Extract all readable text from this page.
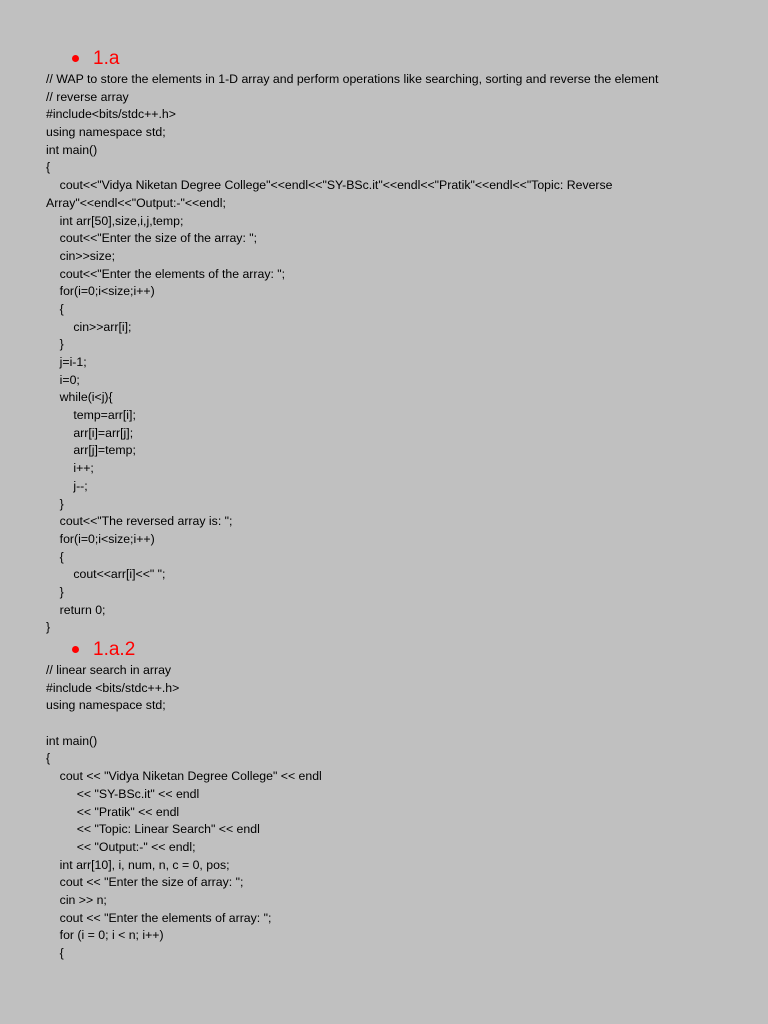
1.a
// WAP to store the elements in 1-D array and perform operations like searching, sorting and reverse the element
// reverse array
#include<bits/stdc++.h>
using namespace std;
int main()
{
cout<<"Vidya Niketan Degree College"<<endl<<"SY-BSc.it"<<endl<<"Pratik"<<endl<<"Topic: Reverse
Array"<<endl<<"Output:-"<<endl;
int arr[50],size,i,j,temp;
cout<<"Enter the size of the array: ";
cin>>size;
cout<<"Enter the elements of the array: ";
for(i=0;i<size;i++)
{
cin>>arr[i];
}
j=i-1;
i=0;
while(i<j){
temp=arr[i];
arr[i]=arr[j];
arr[j]=temp;
i++;
j--;
}
cout<<"The reversed array is: ";
for(i=0;i<size;i++)
{
cout<<arr[i]<<" ";
}
return 0;
}
1.a.2
// linear search in array
#include <bits/stdc++.h>
using namespace std;
int main()
{
cout << "Vidya Niketan Degree College" << endl
<< "SY-BSc.it" << endl
<< "Pratik" << endl
<< "Topic: Linear Search" << endl
<< "Output:-" << endl;
int arr[10], i, num, n, c = 0, pos;
cout << "Enter the size of array: ";
cin >> n;
cout << "Enter the elements of array: ";
for (i = 0; i < n; i++)
{
